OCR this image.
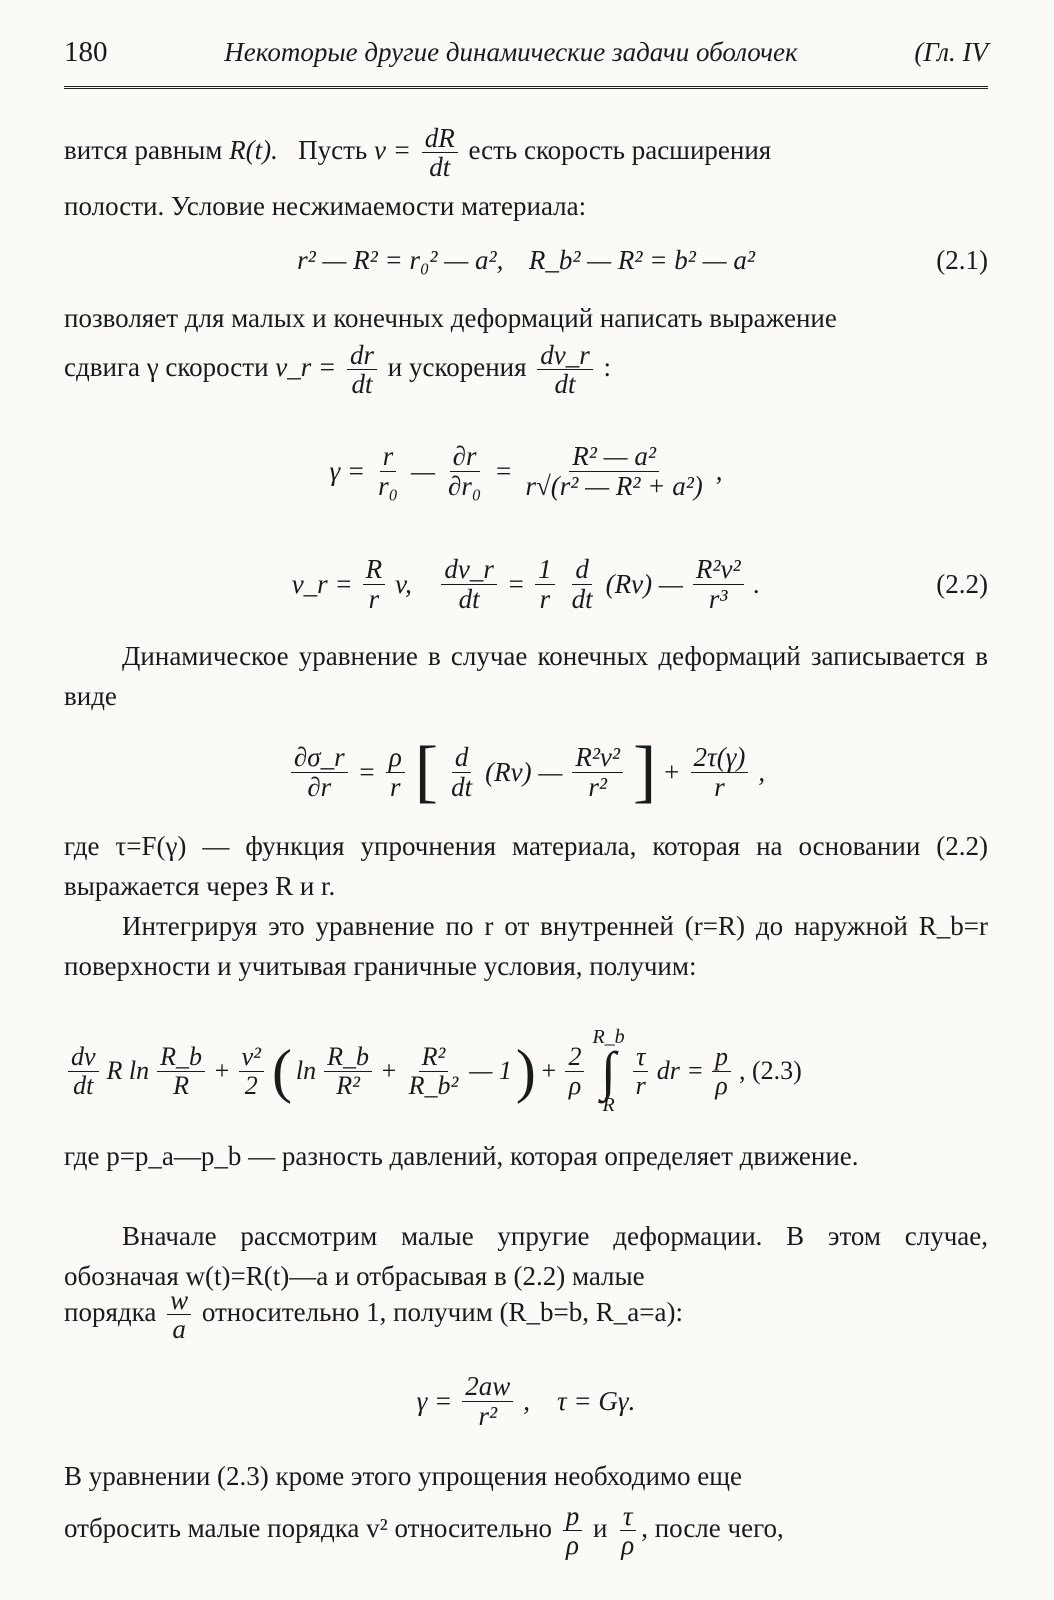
180	Некоторые другие динамические задачи оболочек	(Гл. IV
вится равным R(t). Пусть $v = \frac{dR}{dt}$ есть скорость расширения
полости. Условие несжимаемости материала:
r² — R² = r₀² — a²,
R_b² — R² = b² — a²	(2.1)
позволяет для малых и конечных деформаций написать выражение
сдвига γ скорости v_r = $\frac{dr}{dt}$ и ускорения $\frac{dv\_r}{dt}$ :
$\gamma = \frac{r}{\text{r₀}}$ — $\frac{\partial r}{\text{∂r₀}} = \frac{\text{R² — a²}}{\text{r√(r² — R² + a²)}}$ ,
v_r = $\frac{R}{r} v$,
$\frac{dv\_r}{dt} = \frac{1}{r} \frac{d}{dt} (Rv)$ — $\frac{\text{R²v²}}{\text{r³}}$ .	(2.2)
Динамическое уравнение в случае конечных деформаций записывается в виде
$\frac{\partial\sigma\_r}{\partial r} = \frac{\rho}{r}$ [ $\frac{d}{dt} (Rv)$ — $\frac{\text{R²v²}}{\text{r²}}$ ] + $\frac{2\tau(\gamma)}{r}$ ,
где τ=F(γ) — функция упрочнения материала, которая на основании (2.2) выражается через R и r.
Интегрируя это уравнение по r от внутренней (r=R) до наружной R_b=r поверхности и учитывая граничные условия, получим:
$\frac{dv}{dt}$ R $\ln \frac{R\_b}{R} + \frac{\text{v²}}{2}$ ( $\ln \frac{R\_b}{\text{R²}} + \frac{\text{R²}}{\text{R\_b²}}$ — 1 ) + $\frac{2}{\rho}$
R_b
∫
R
$\frac{\tau}{r}$ dr = $\frac{p}{\rho}$ , (2.3)
где p=p_a—p_b — разность давлений, которая определяет движение.
Вначале рассмотрим малые упругие деформации. В этом случае, обозначая w(t)=R(t)—a и отбрасывая в (2.2) малые
порядка $\frac{w}{a}$ относительно 1, получим (R_b=b, R_a=a):
$\gamma = \frac{2aw}{\text{r²}}$ ,    τ = Gγ.
В уравнении (2.3) кроме этого упрощения необходимо еще
отбросить малые порядка v² относительно $\frac{p}{\rho}$ и $\frac{\tau}{\rho}$ , после чего,
